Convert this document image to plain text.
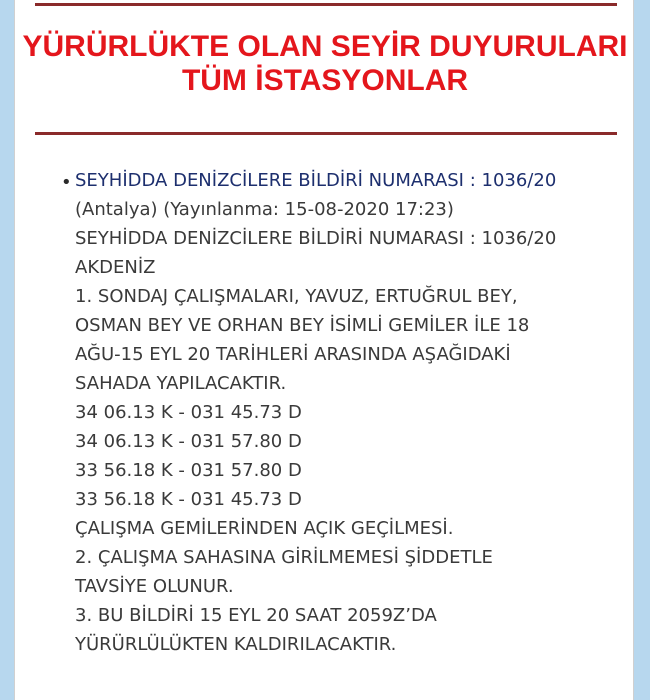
YÜRÜRLÜKTE OLAN SEYİR DUYURULARI
TÜM İSTASYONLAR
• SEYHİDDA DENİZCİLERE BİLDİRİ NUMARASI : 1036/20
(Antalya) (Yayınlanma: 15-08-2020 17:23)
SEYHİDDA DENİZCİLERE BİLDİRİ NUMARASI : 1036/20
AKDENİZ
1. SONDAJ ÇALIŞMALARI, YAVUZ, ERTUĞRUL BEY,
OSMAN BEY VE ORHAN BEY İSİMLİ GEMİLER İLE 18
AĞU-15 EYL 20 TARİHLERİ ARASINDA AŞAĞIDAKİ
SAHADA YAPILACAKTIR.
34 06.13 K - 031 45.73 D
34 06.13 K - 031 57.80 D
33 56.18 K - 031 57.80 D
33 56.18 K - 031 45.73 D
ÇALIŞMA GEMİLERİNDEN AÇIK GEÇİLMESİ.
2. ÇALIŞMA SAHASINA GİRİLMEMESİ ŞİDDETLE
TAVSİYE OLUNUR.
3. BU BİLDİRİ 15 EYL 20 SAAT 2059Z’DA
YÜRÜRLÜLÜKTEN KALDIRILACAKTIR.
